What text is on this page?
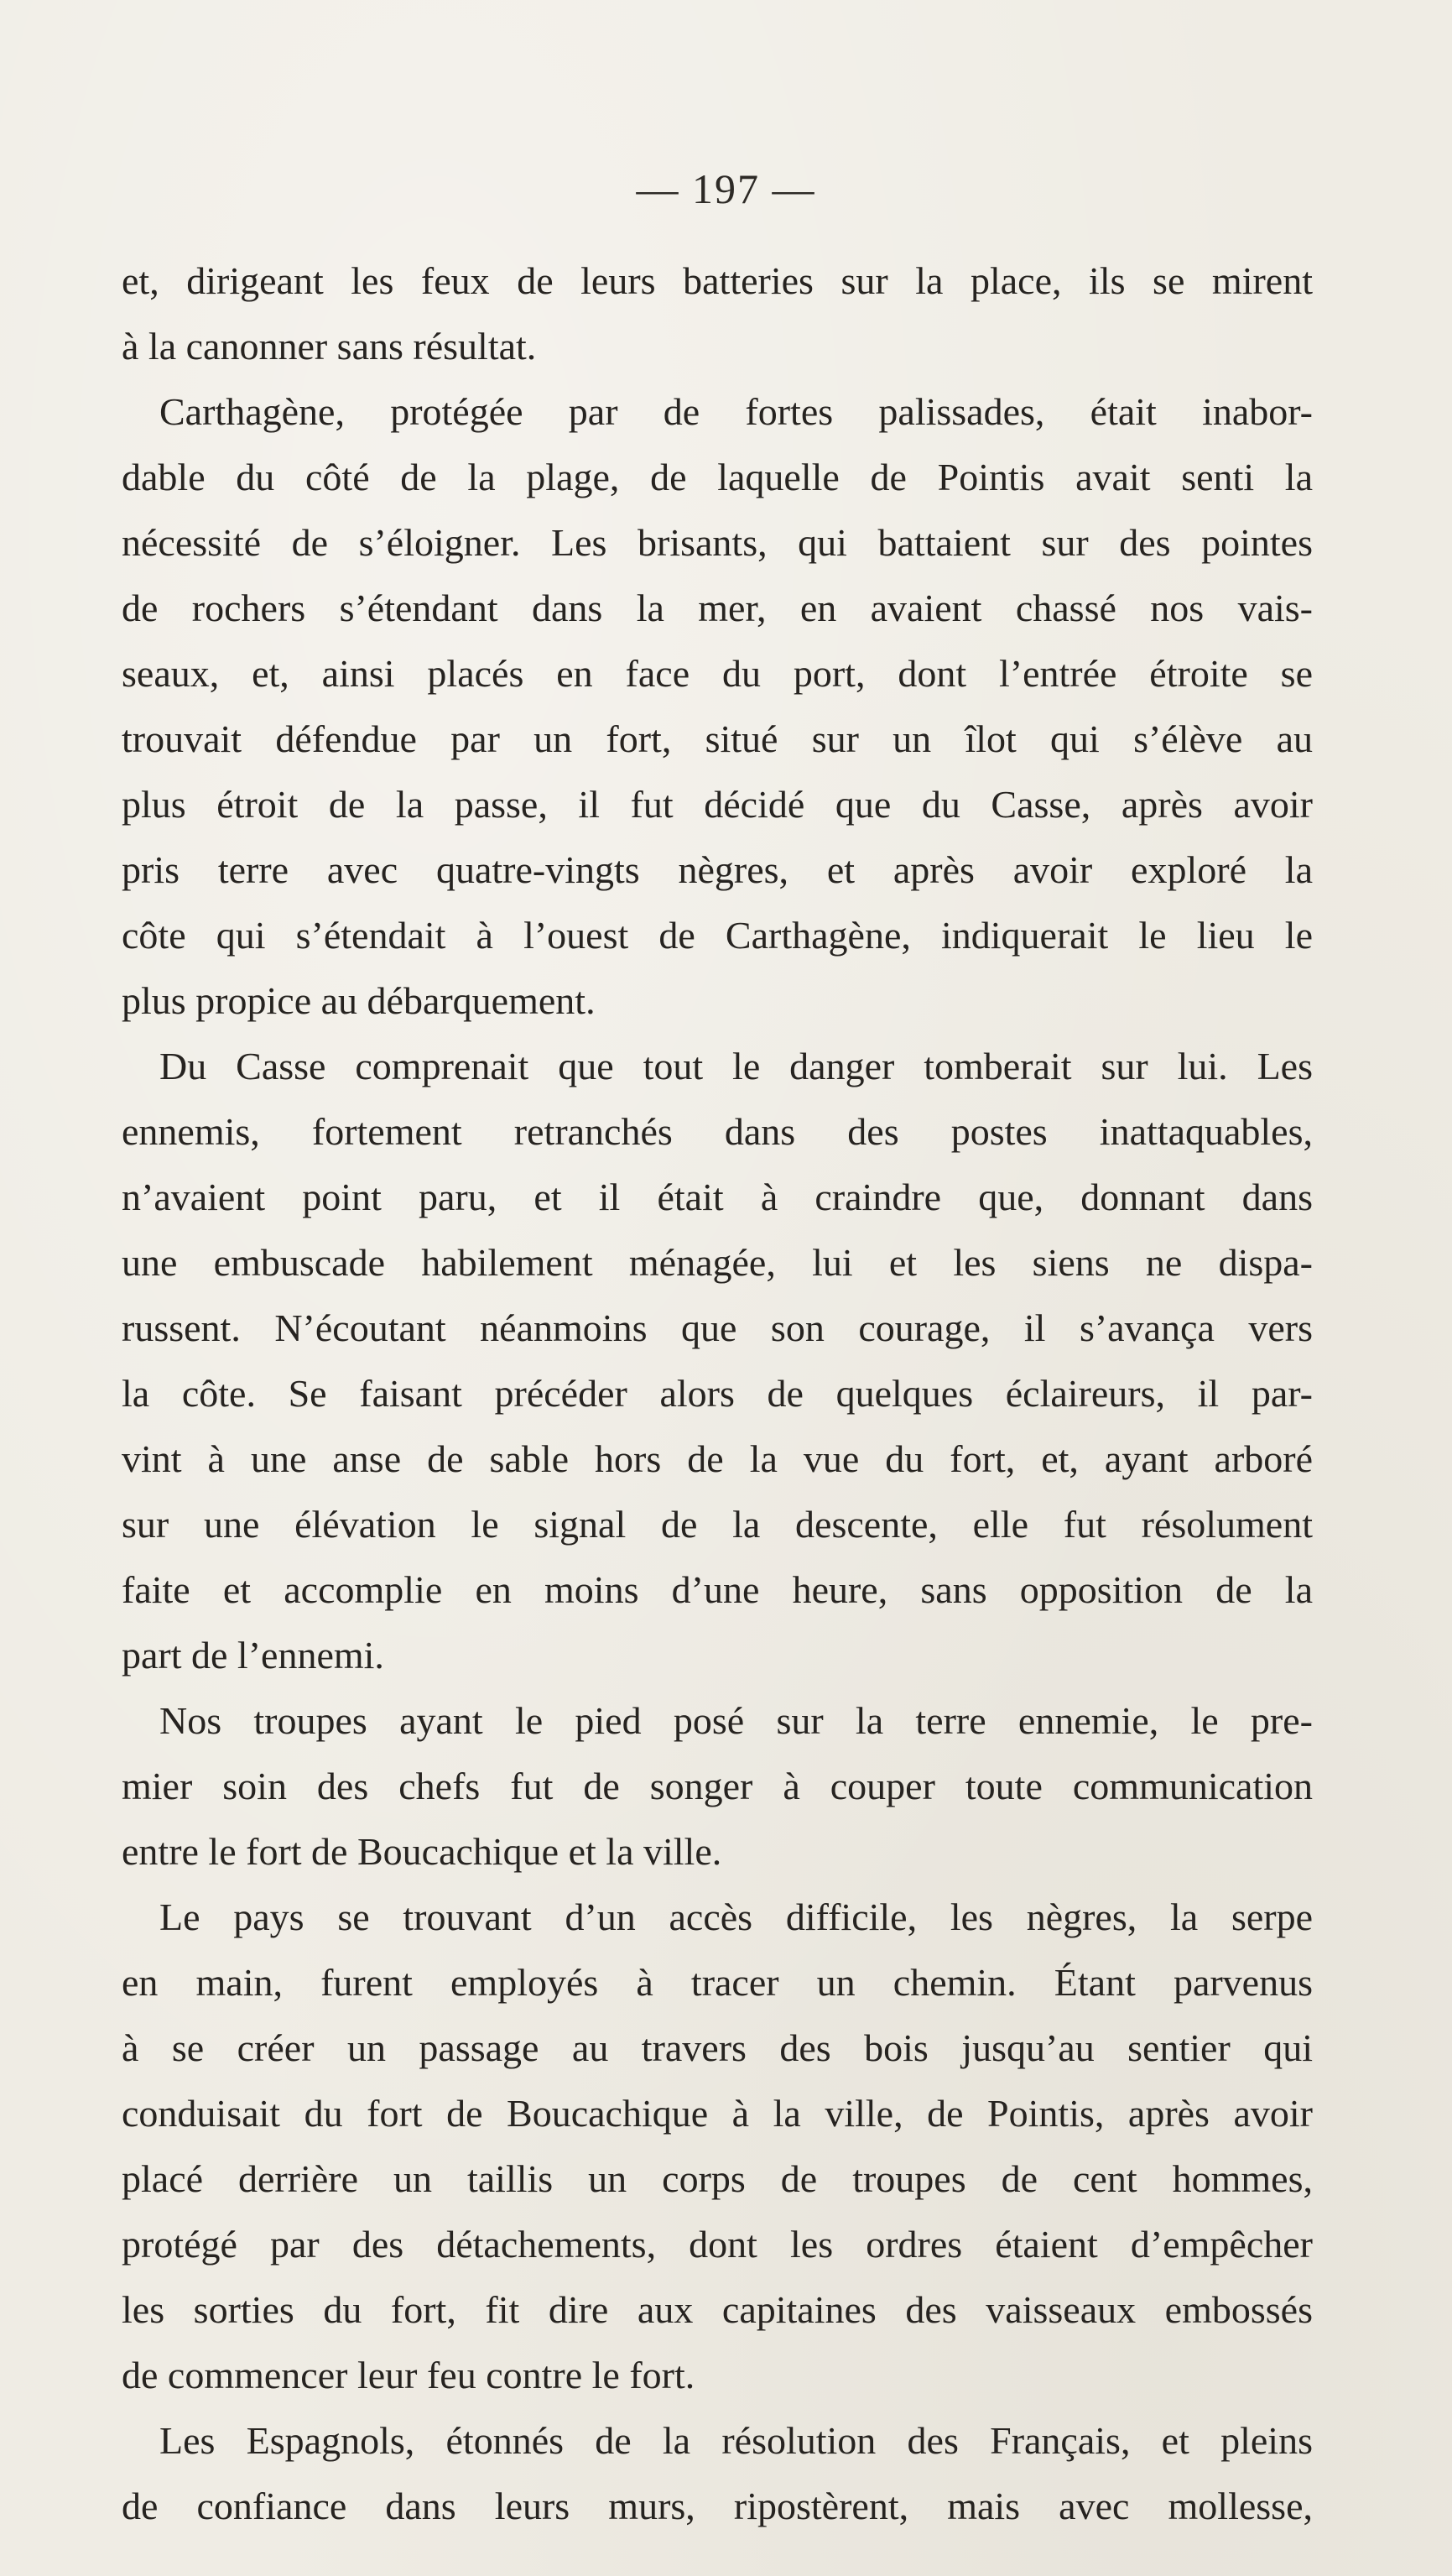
— 197 —
et, dirigeant les feux de leurs batteries sur la place, ils se mirent
à la canonner sans résultat.
Carthagène, protégée par de fortes palissades, était inabor-
dable du côté de la plage, de laquelle de Pointis avait senti la
nécessité de s’éloigner. Les brisants, qui battaient sur des pointes
de rochers s’étendant dans la mer, en avaient chassé nos vais-
seaux, et, ainsi placés en face du port, dont l’entrée étroite se
trouvait défendue par un fort, situé sur un îlot qui s’élève au
plus étroit de la passe, il fut décidé que du Casse, après avoir
pris terre avec quatre-vingts nègres, et après avoir exploré la
côte qui s’étendait à l’ouest de Carthagène, indiquerait le lieu le
plus propice au débarquement.
Du Casse comprenait que tout le danger tomberait sur lui. Les
ennemis, fortement retranchés dans des postes inattaquables,
n’avaient point paru, et il était à craindre que, donnant dans
une embuscade habilement ménagée, lui et les siens ne dispa-
russent. N’écoutant néanmoins que son courage, il s’avança vers
la côte. Se faisant précéder alors de quelques éclaireurs, il par-
vint à une anse de sable hors de la vue du fort, et, ayant arboré
sur une élévation le signal de la descente, elle fut résolument
faite et accomplie en moins d’une heure, sans opposition de la
part de l’ennemi.
Nos troupes ayant le pied posé sur la terre ennemie, le pre-
mier soin des chefs fut de songer à couper toute communication
entre le fort de Boucachique et la ville.
Le pays se trouvant d’un accès difficile, les nègres, la serpe
en main, furent employés à tracer un chemin. Étant parvenus
à se créer un passage au travers des bois jusqu’au sentier qui
conduisait du fort de Boucachique à la ville, de Pointis, après avoir
placé derrière un taillis un corps de troupes de cent hommes,
protégé par des détachements, dont les ordres étaient d’empêcher
les sorties du fort, fit dire aux capitaines des vaisseaux embossés
de commencer leur feu contre le fort.
Les Espagnols, étonnés de la résolution des Français, et pleins
de confiance dans leurs murs, ripostèrent, mais avec mollesse,
